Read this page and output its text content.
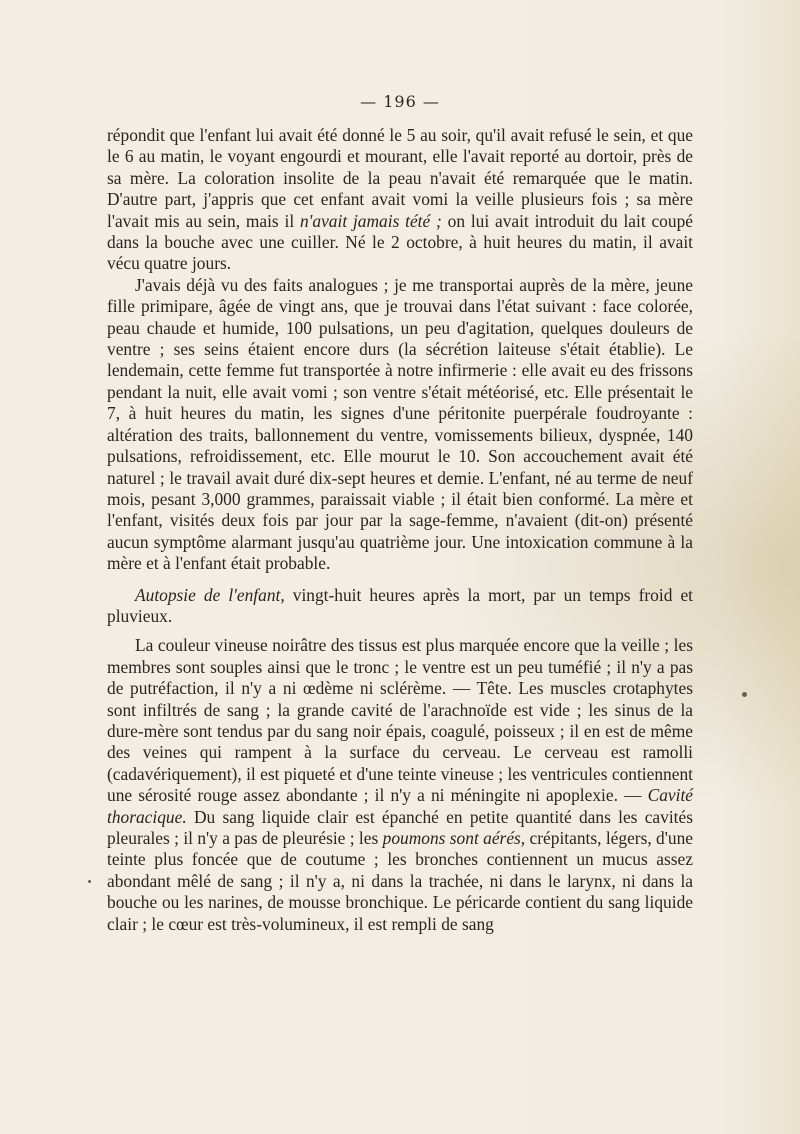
— 196 —

répondit que l'enfant lui avait été donné le 5 au soir, qu'il avait refusé le sein, et que le 6 au matin, le voyant engourdi et mourant, elle l'avait reporté au dortoir, près de sa mère. La coloration insolite de la peau n'avait été remarquée que le matin. D'autre part, j'appris que cet enfant avait vomi la veille plusieurs fois ; sa mère l'avait mis au sein, mais il n'avait jamais tété ; on lui avait introduit du lait coupé dans la bouche avec une cuiller. Né le 2 octobre, à huit heures du matin, il avait vécu quatre jours.

J'avais déjà vu des faits analogues ; je me transportai auprès de la mère, jeune fille primipare, âgée de vingt ans, que je trouvai dans l'état suivant : face colorée, peau chaude et humide, 100 pulsations, un peu d'agitation, quelques douleurs de ventre ; ses seins étaient encore durs (la sécrétion laiteuse s'était établie). Le lendemain, cette femme fut transportée à notre infirmerie : elle avait eu des frissons pendant la nuit, elle avait vomi ; son ventre s'était météorisé, etc. Elle présentait le 7, à huit heures du matin, les signes d'une péritonite puerpérale foudroyante : altération des traits, ballonnement du ventre, vomissements bilieux, dyspnée, 140 pulsations, refroidissement, etc. Elle mourut le 10. Son accouchement avait été naturel ; le travail avait duré dix-sept heures et demie. L'enfant, né au terme de neuf mois, pesant 3,000 grammes, paraissait viable ; il était bien conformé. La mère et l'enfant, visités deux fois par jour par la sage-femme, n'avaient (dit-on) présenté aucun symptôme alarmant jusqu'au quatrième jour. Une intoxication commune à la mère et à l'enfant était probable.

Autopsie de l'enfant, vingt-huit heures après la mort, par un temps froid et pluvieux.

La couleur vineuse noirâtre des tissus est plus marquée encore que la veille ; les membres sont souples ainsi que le tronc ; le ventre est un peu tuméfié ; il n'y a pas de putréfaction, il n'y a ni œdème ni sclérème. — Tête. Les muscles crotaphytes sont infiltrés de sang ; la grande cavité de l'arachnoïde est vide ; les sinus de la dure-mère sont tendus par du sang noir épais, coagulé, poisseux ; il en est de même des veines qui rampent à la surface du cerveau. Le cerveau est ramolli (cadavériquement), il est piqueté et d'une teinte vineuse ; les ventricules contiennent une sérosité rouge assez abondante ; il n'y a ni méningite ni apoplexie. — Cavité thoracique. Du sang liquide clair est épanché en petite quantité dans les cavités pleurales ; il n'y a pas de pleurésie ; les poumons sont aérés, crépitants, légers, d'une teinte plus foncée que de coutume ; les bronches contiennent un mucus assez abondant mêlé de sang ; il n'y a, ni dans la trachée, ni dans le larynx, ni dans la bouche ou les narines, de mousse bronchique. Le péricarde contient du sang liquide clair ; le cœur est très-volumineux, il est rempli de sang
